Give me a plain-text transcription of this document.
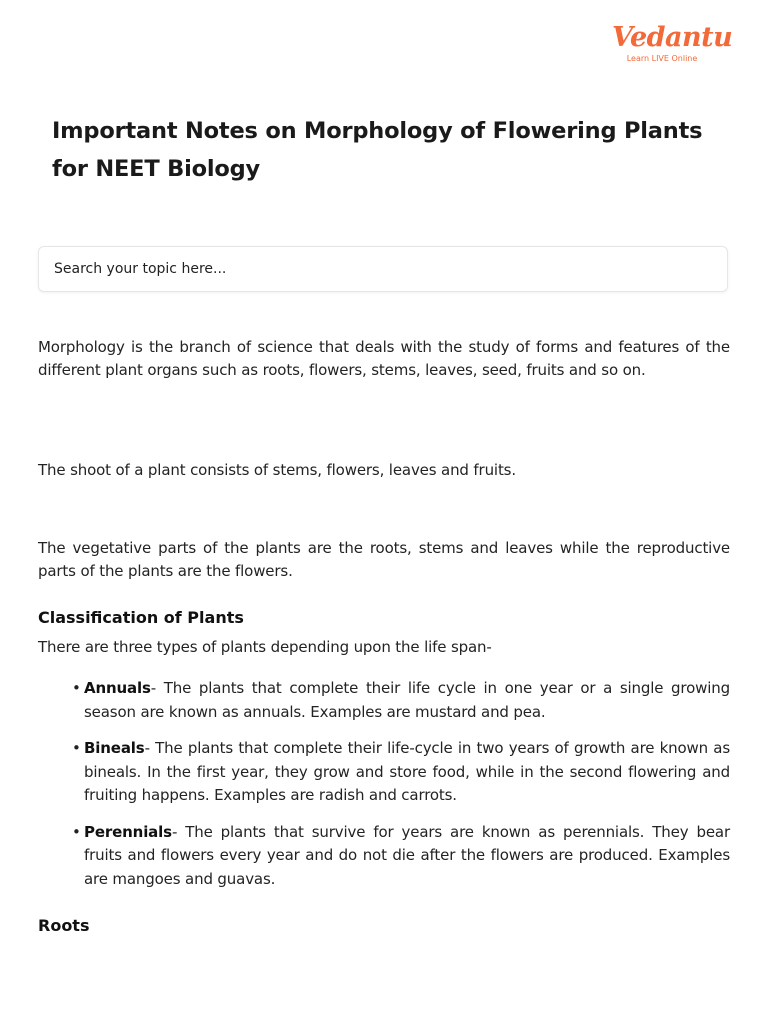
Vedantu
Learn LIVE Online
Important Notes on Morphology of Flowering Plants for NEET Biology
Search your topic here...

Morphology is the branch of science that deals with the study of forms and features of the different plant organs such as roots, flowers, stems, leaves, seed, fruits and so on.

The shoot of a plant consists of stems, flowers, leaves and fruits.

The vegetative parts of the plants are the roots, stems and leaves while the reproductive parts of the plants are the flowers.

Classification of Plants

There are three types of plants depending upon the life span-

• Annuals- The plants that complete their life cycle in one year or a single growing season are known as annuals. Examples are mustard and pea.
• Bineals- The plants that complete their life-cycle in two years of growth are known as bineals. In the first year, they grow and store food, while in the second flowering and fruiting happens. Examples are radish and carrots.
• Perennials- The plants that survive for years are known as perennials. They bear fruits and flowers every year and do not die after the flowers are produced. Examples are mangoes and guavas.
Roots
